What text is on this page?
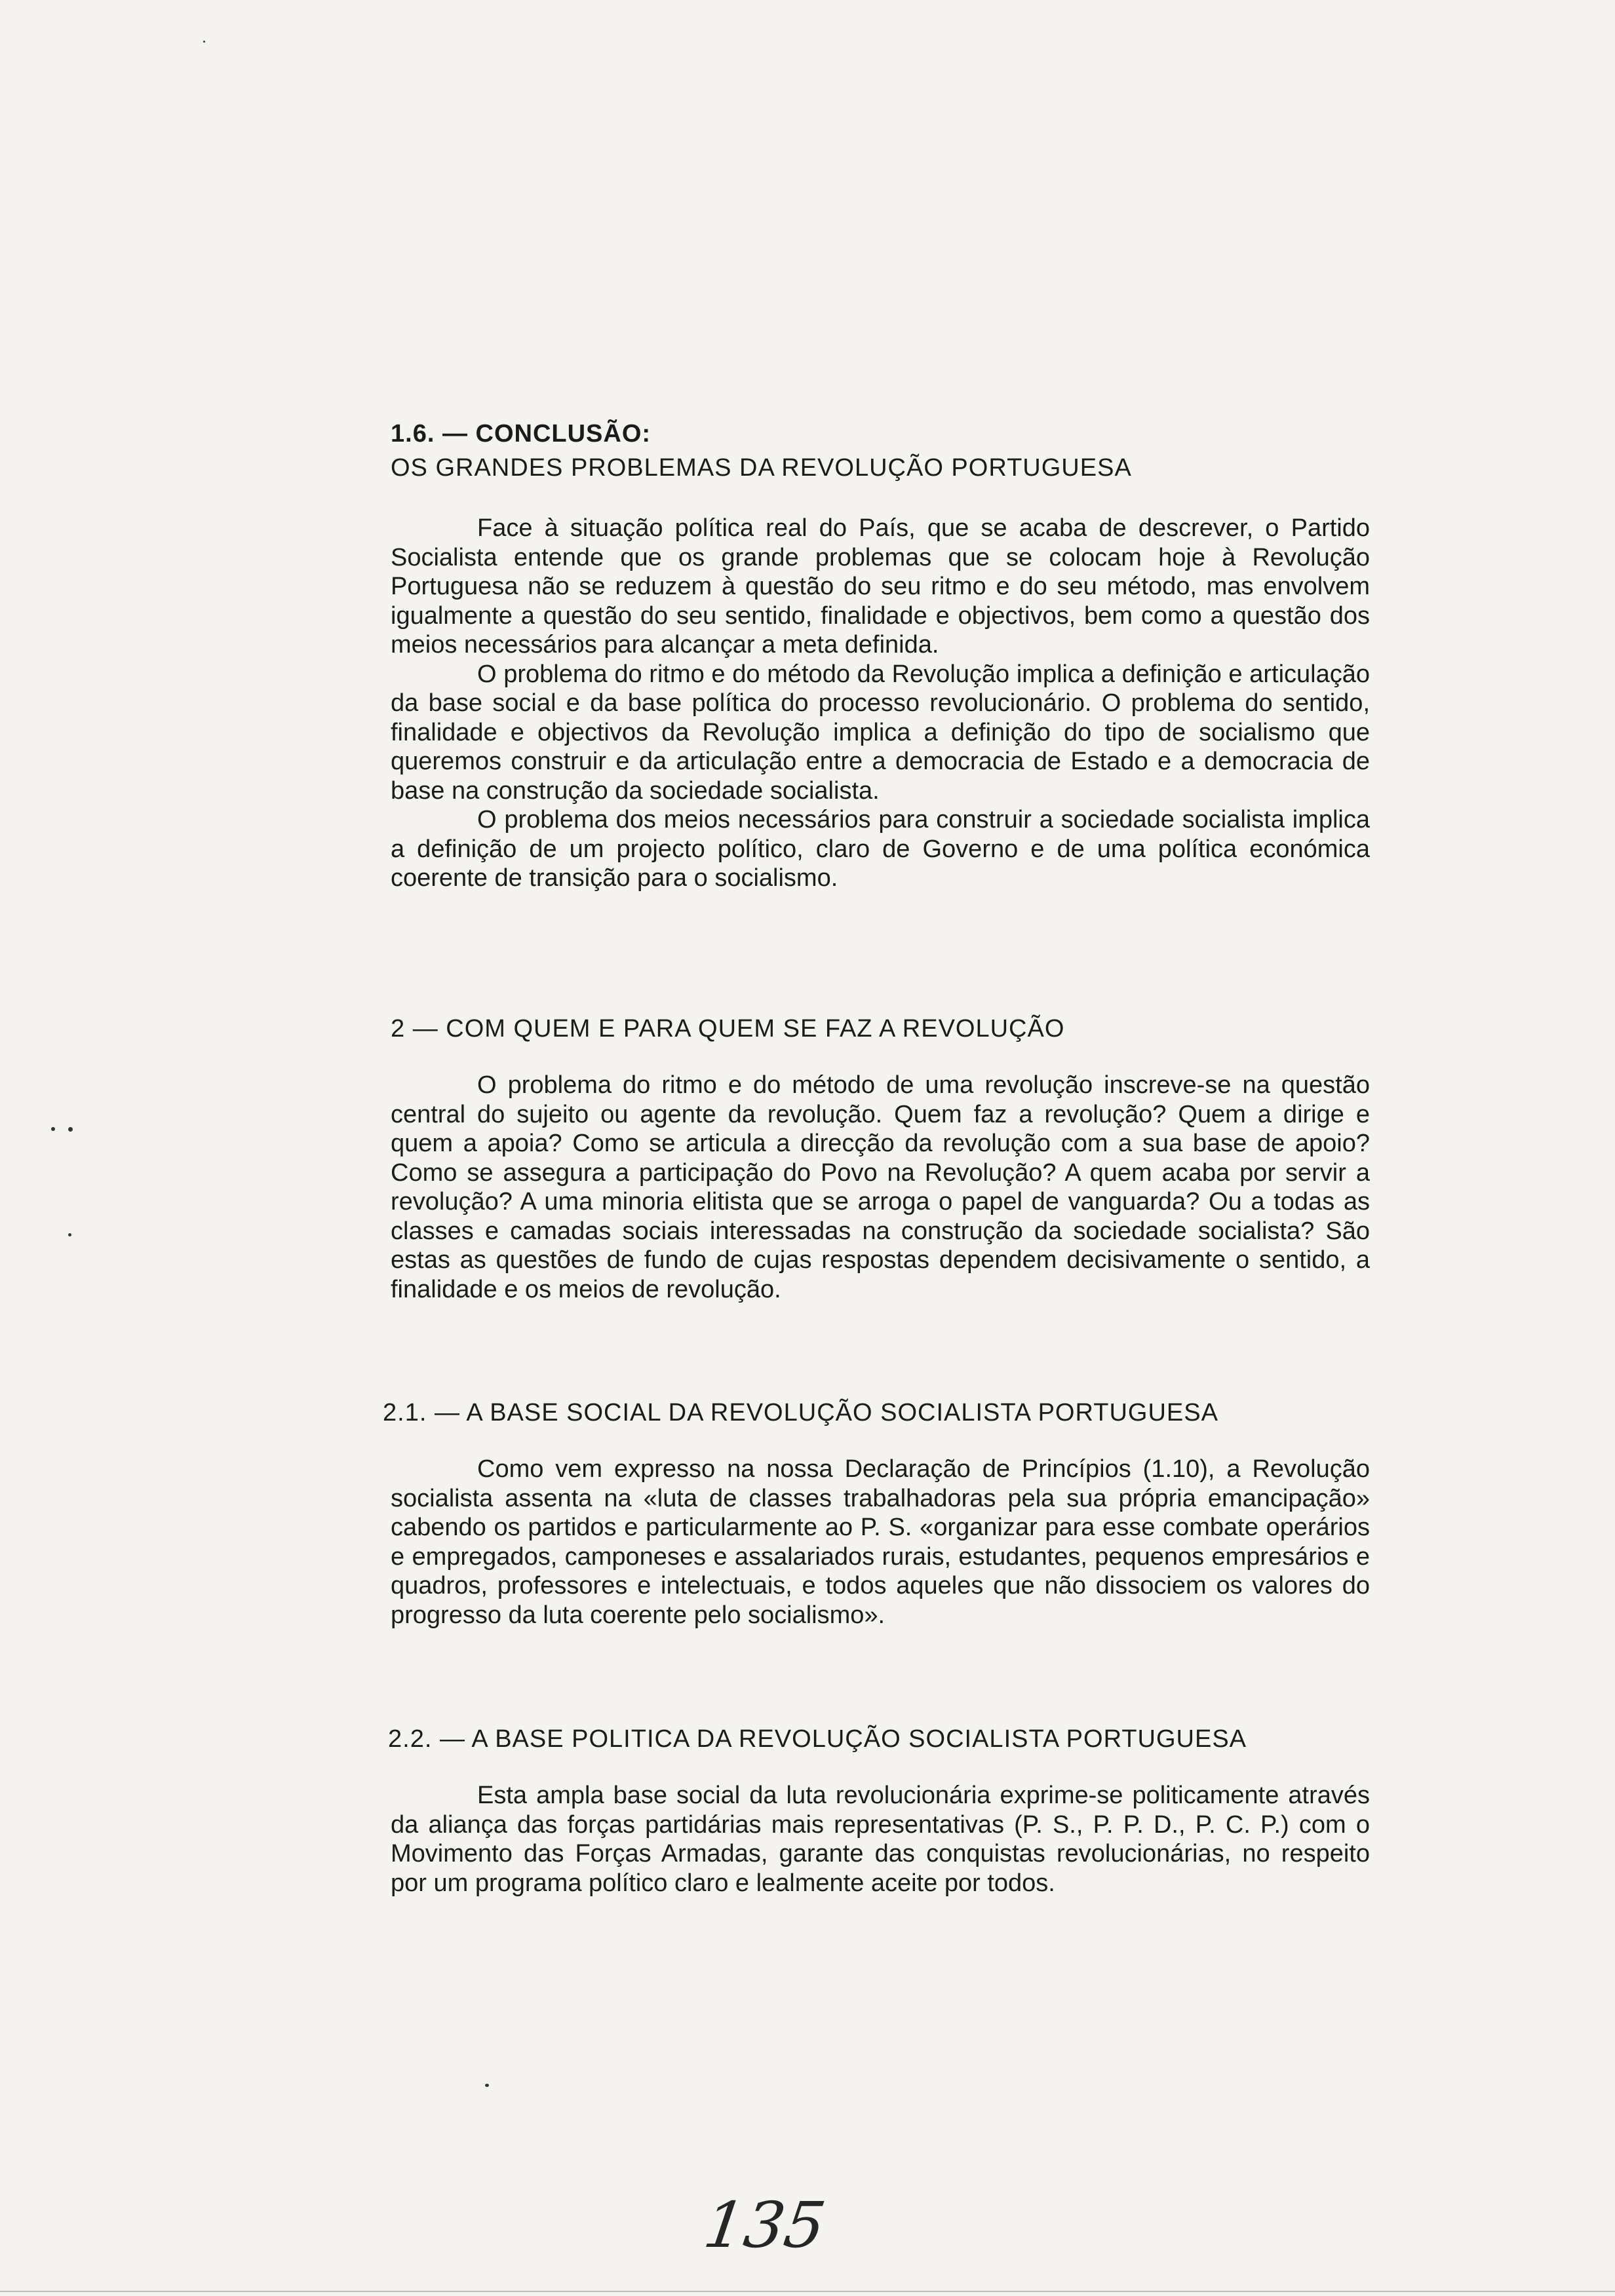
1.6. — CONCLUSÃO:

OS GRANDES PROBLEMAS DA REVOLUÇÃO PORTUGUESA

Face à situação política real do País, que se acaba de descrever, o Partido Socialista entende que os grande problemas que se colocam hoje à Revolução Portuguesa não se reduzem à questão do seu ritmo e do seu método, mas envolvem igualmente a questão do seu sentido, finalidade e objectivos, bem como a questão dos meios necessários para alcançar a meta definida.

O problema do ritmo e do método da Revolução implica a definição e articulação da base social e da base política do processo revolucionário. O problema do sentido, finalidade e objectivos da Revolução implica a definição do tipo de socialismo que queremos construir e da articulação entre a democracia de Estado e a democracia de base na construção da sociedade socialista.

O problema dos meios necessários para construir a sociedade socialista implica a definição de um projecto político, claro de Governo e de uma política económica coerente de transição para o socialismo.

2 — COM QUEM E PARA QUEM SE FAZ A REVOLUÇÃO

O problema do ritmo e do método de uma revolução inscreve-se na questão central do sujeito ou agente da revolução. Quem faz a revolução? Quem a dirige e quem a apoia? Como se articula a direcção da revolução com a sua base de apoio? Como se assegura a participação do Povo na Revolução? A quem acaba por servir a revolução? A uma minoria elitista que se arroga o papel de vanguarda? Ou a todas as classes e camadas sociais interessadas na construção da sociedade socialista? São estas as questões de fundo de cujas respostas dependem decisivamente o sentido, a finalidade e os meios de revolução.

2.1. — A BASE SOCIAL DA REVOLUÇÃO SOCIALISTA PORTUGUESA

Como vem expresso na nossa Declaração de Princípios (1.10), a Revolução socialista assenta na «luta de classes trabalhadoras pela sua própria emancipação» cabendo os partidos e particularmente ao P. S. «organizar para esse combate operários e empregados, camponeses e assalariados rurais, estudantes, pequenos empresários e quadros, professores e intelectuais, e todos aqueles que não dissociem os valores do progresso da luta coerente pelo socialismo».

2.2. — A BASE POLITICA DA REVOLUÇÃO SOCIALISTA PORTUGUESA

Esta ampla base social da luta revolucionária exprime-se politicamente através da aliança das forças partidárias mais representativas (P. S., P. P. D., P. C. P.) com o Movimento das Forças Armadas, garante das conquistas revolucionárias, no respeito por um programa político claro e lealmente aceite por todos.

135
